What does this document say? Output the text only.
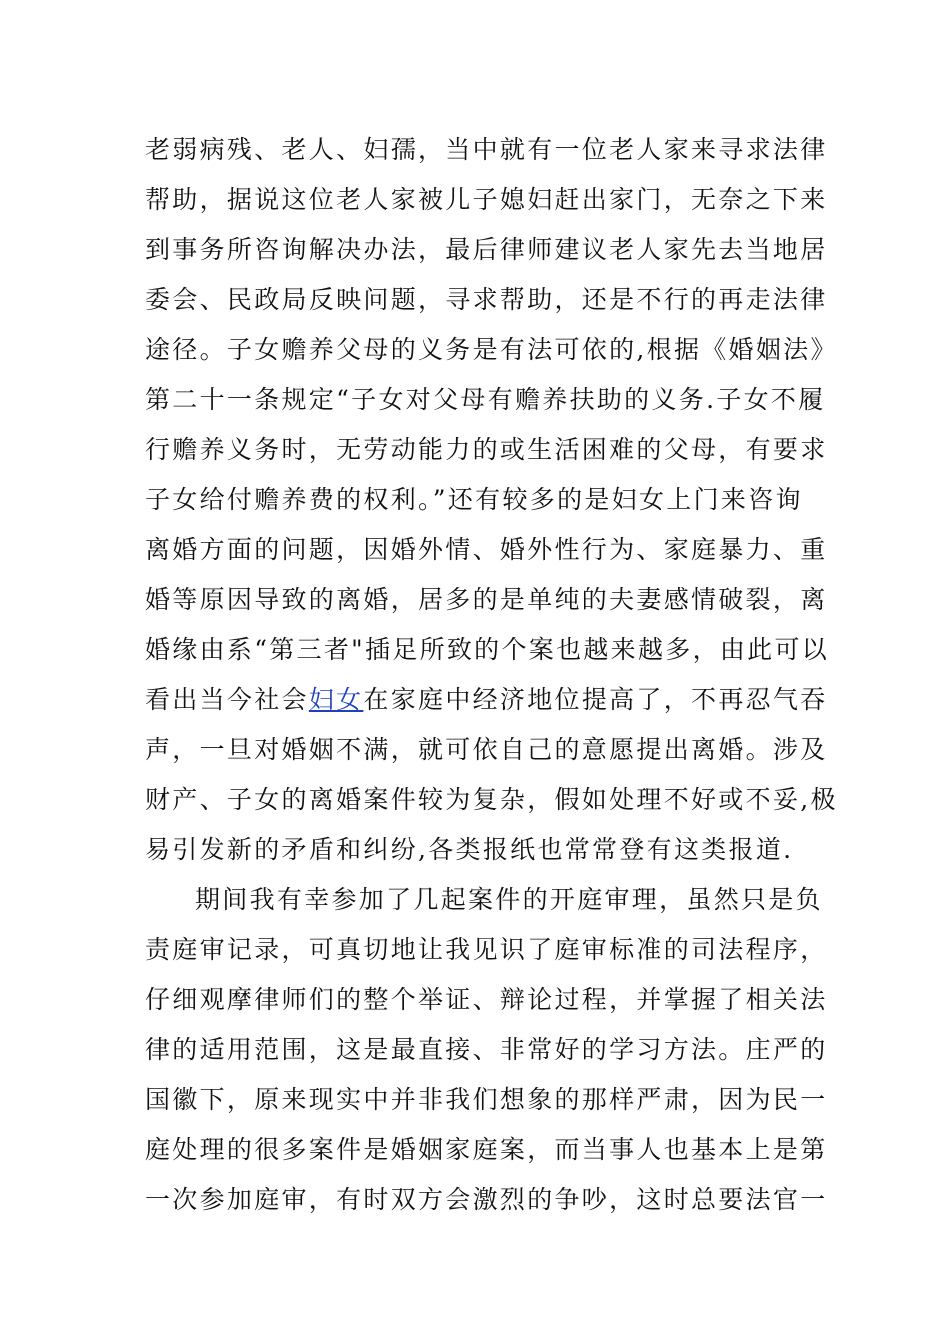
老弱病残、老人、妇孺，当中就有一位老人家来寻求法律
帮助，据说这位老人家被儿子媳妇赶出家门，无奈之下来
到事务所咨询解决办法，最后律师建议老人家先去当地居
委会、民政局反映问题，寻求帮助，还是不行的再走法律
途径。子女赡养父母的义务是有法可依的,根据《婚姻法》
第二十一条规定“子女对父母有赡养扶助的义务.子女不履
行赡养义务时，无劳动能力的或生活困难的父母，有要求
子女给付赡养费的权利。”还有较多的是妇女上门来咨询
离婚方面的问题，因婚外情、婚外性行为、家庭暴力、重
婚等原因导致的离婚，居多的是单纯的夫妻感情破裂，离
婚缘由系“第三者"插足所致的个案也越来越多，由此可以
看出当今社会妇女在家庭中经济地位提高了，不再忍气吞
声，一旦对婚姻不满，就可依自己的意愿提出离婚。涉及
财产、子女的离婚案件较为复杂，假如处理不好或不妥,极
易引发新的矛盾和纠纷,各类报纸也常常登有这类报道.
期间我有幸参加了几起案件的开庭审理，虽然只是负
责庭审记录，可真切地让我见识了庭审标准的司法程序，
仔细观摩律师们的整个举证、辩论过程，并掌握了相关法
律的适用范围，这是最直接、非常好的学习方法。庄严的
国徽下，原来现实中并非我们想象的那样严肃，因为民一
庭处理的很多案件是婚姻家庭案，而当事人也基本上是第
一次参加庭审，有时双方会激烈的争吵，这时总要法官一
